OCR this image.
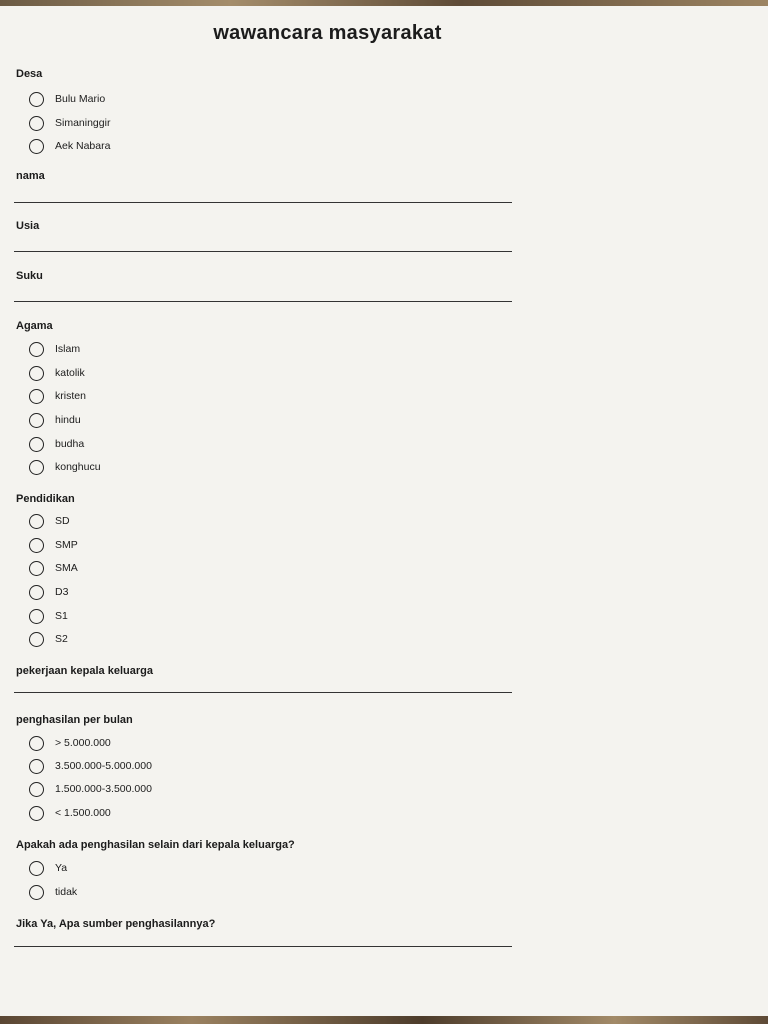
wawancara masyarakat
Desa
Bulu Mario
Simaninggir
Aek Nabara
nama
Usia
Suku
Agama
Islam
katolik
kristen
hindu
budha
konghucu
Pendidikan
SD
SMP
SMA
D3
S1
S2
pekerjaan kepala keluarga
penghasilan per bulan
> 5.000.000
3.500.000-5.000.000
1.500.000-3.500.000
< 1.500.000
Apakah ada penghasilan selain dari kepala keluarga?
Ya
tidak
Jika Ya, Apa sumber penghasilannya?
